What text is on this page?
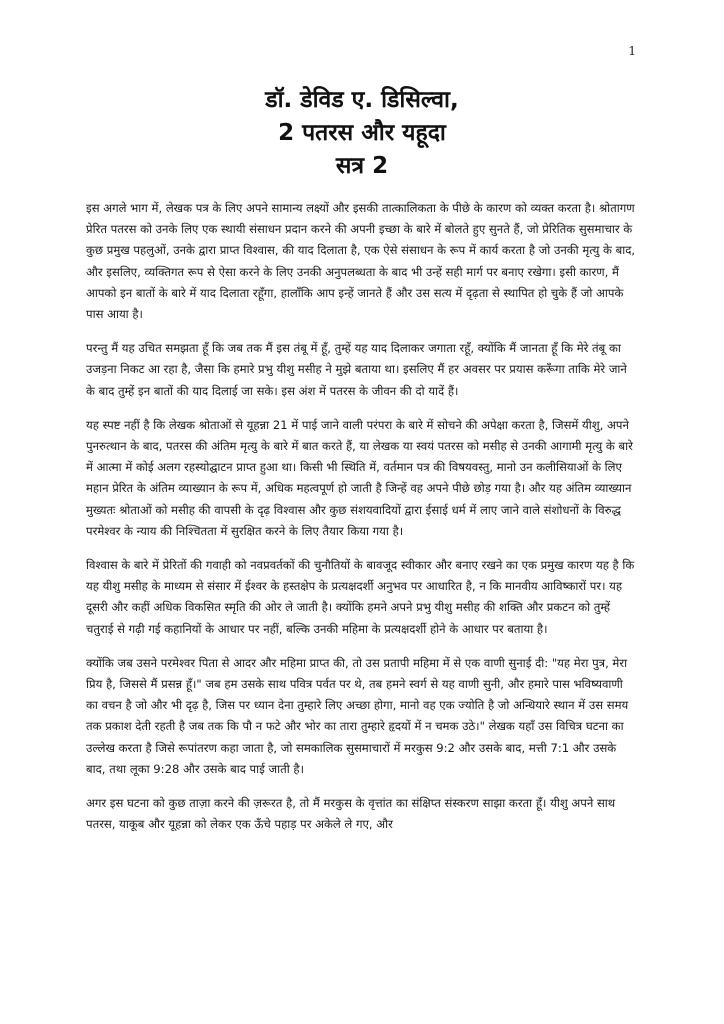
1

डॉ. डेविड ए. डिसिल्वा,

2 पतरस और यहूदा

सत्र 2

इस अगले भाग में, लेखक पत्र के लिए अपने सामान्य लक्ष्यों और इसकी तात्कालिकता के पीछे के कारण को व्यक्त करता है। श्रोतागण प्रेरित पतरस को उनके लिए एक स्थायी संसाधन प्रदान करने की अपनी इच्छा के बारे में बोलते हुए सुनते हैं, जो प्रेरितिक सुसमाचार के कुछ प्रमुख पहलुओं, उनके द्वारा प्राप्त विश्वास, की याद दिलाता है, एक ऐसे संसाधन के रूप में कार्य करता है जो उनकी मृत्यु के बाद, और इसलिए, व्यक्तिगत रूप से ऐसा करने के लिए उनकी अनुपलब्धता के बाद भी उन्हें सही मार्ग पर बनाए रखेगा। इसी कारण, मैं आपको इन बातों के बारे में याद दिलाता रहूँगा, हालाँकि आप इन्हें जानते हैं और उस सत्य में दृढ़ता से स्थापित हो चुके हैं जो आपके पास आया है।

परन्तु मैं यह उचित समझता हूँ कि जब तक मैं इस तंबू में हूँ, तुम्हें यह याद दिलाकर जगाता रहूँ, क्योंकि मैं जानता हूँ कि मेरे तंबू का उजड़ना निकट आ रहा है, जैसा कि हमारे प्रभु यीशु मसीह ने मुझे बताया था। इसलिए मैं हर अवसर पर प्रयास करूँगा ताकि मेरे जाने के बाद तुम्हें इन बातों की याद दिलाई जा सके। इस अंश में पतरस के जीवन की दो यादें हैं।

यह स्पष्ट नहीं है कि लेखक श्रोताओं से यूहन्ना 21 में पाई जाने वाली परंपरा के बारे में सोचने की अपेक्षा करता है, जिसमें यीशु, अपने पुनरुत्थान के बाद, पतरस की अंतिम मृत्यु के बारे में बात करते हैं, या लेखक या स्वयं पतरस को मसीह से उनकी आगामी मृत्यु के बारे में आत्मा में कोई अलग रहस्योद्घाटन प्राप्त हुआ था। किसी भी स्थिति में, वर्तमान पत्र की विषयवस्तु, मानो उन कलीसियाओं के लिए महान प्रेरित के अंतिम व्याख्यान के रूप में, अधिक महत्वपूर्ण हो जाती है जिन्हें वह अपने पीछे छोड़ गया है। और यह अंतिम व्याख्यान मुख्यतः श्रोताओं को मसीह की वापसी के दृढ़ विश्वास और कुछ संशयवादियों द्वारा ईसाई धर्म में लाए जाने वाले संशोधनों के विरुद्ध परमेश्वर के न्याय की निश्चितता में सुरक्षित करने के लिए तैयार किया गया है।

विश्वास के बारे में प्रेरितों की गवाही को नवप्रवर्तकों की चुनौतियों के बावजूद स्वीकार और बनाए रखने का एक प्रमुख कारण यह है कि यह यीशु मसीह के माध्यम से संसार में ईश्वर के हस्तक्षेप के प्रत्यक्षदर्शी अनुभव पर आधारित है, न कि मानवीय आविष्कारों पर। यह दूसरी और कहीं अधिक विकसित स्मृति की ओर ले जाती है। क्योंकि हमने अपने प्रभु यीशु मसीह की शक्ति और प्रकटन को तुम्हें चतुराई से गढ़ी गई कहानियों के आधार पर नहीं, बल्कि उनकी महिमा के प्रत्यक्षदर्शी होने के आधार पर बताया है।

क्योंकि जब उसने परमेश्वर पिता से आदर और महिमा प्राप्त की, तो उस प्रतापी महिमा में से एक वाणी सुनाई दी: "यह मेरा पुत्र, मेरा प्रिय है, जिससे मैं प्रसन्न हूँ।" जब हम उसके साथ पवित्र पर्वत पर थे, तब हमने स्वर्ग से यह वाणी सुनी, और हमारे पास भविष्यवाणी का वचन है जो और भी दृढ़ है, जिस पर ध्यान देना तुम्हारे लिए अच्छा होगा, मानो वह एक ज्योति है जो अन्धियारे स्थान में उस समय तक प्रकाश देती रहती है जब तक कि पौ न फटे और भोर का तारा तुम्हारे हृदयों में न चमक उठे।" लेखक यहाँ उस विचित्र घटना का उल्लेख करता है जिसे रूपांतरण कहा जाता है, जो समकालिक सुसमाचारों में मरकुस 9:2 और उसके बाद, मत्ती 7:1 और उसके बाद, तथा लूका 9:28 और उसके बाद पाई जाती है।

अगर इस घटना को कुछ ताज़ा करने की ज़रूरत है, तो मैं मरकुस के वृत्तांत का संक्षिप्त संस्करण साझा करता हूँ। यीशु अपने साथ पतरस, याकूब और यूहन्ना को लेकर एक ऊँचे पहाड़ पर अकेले ले गए, और
